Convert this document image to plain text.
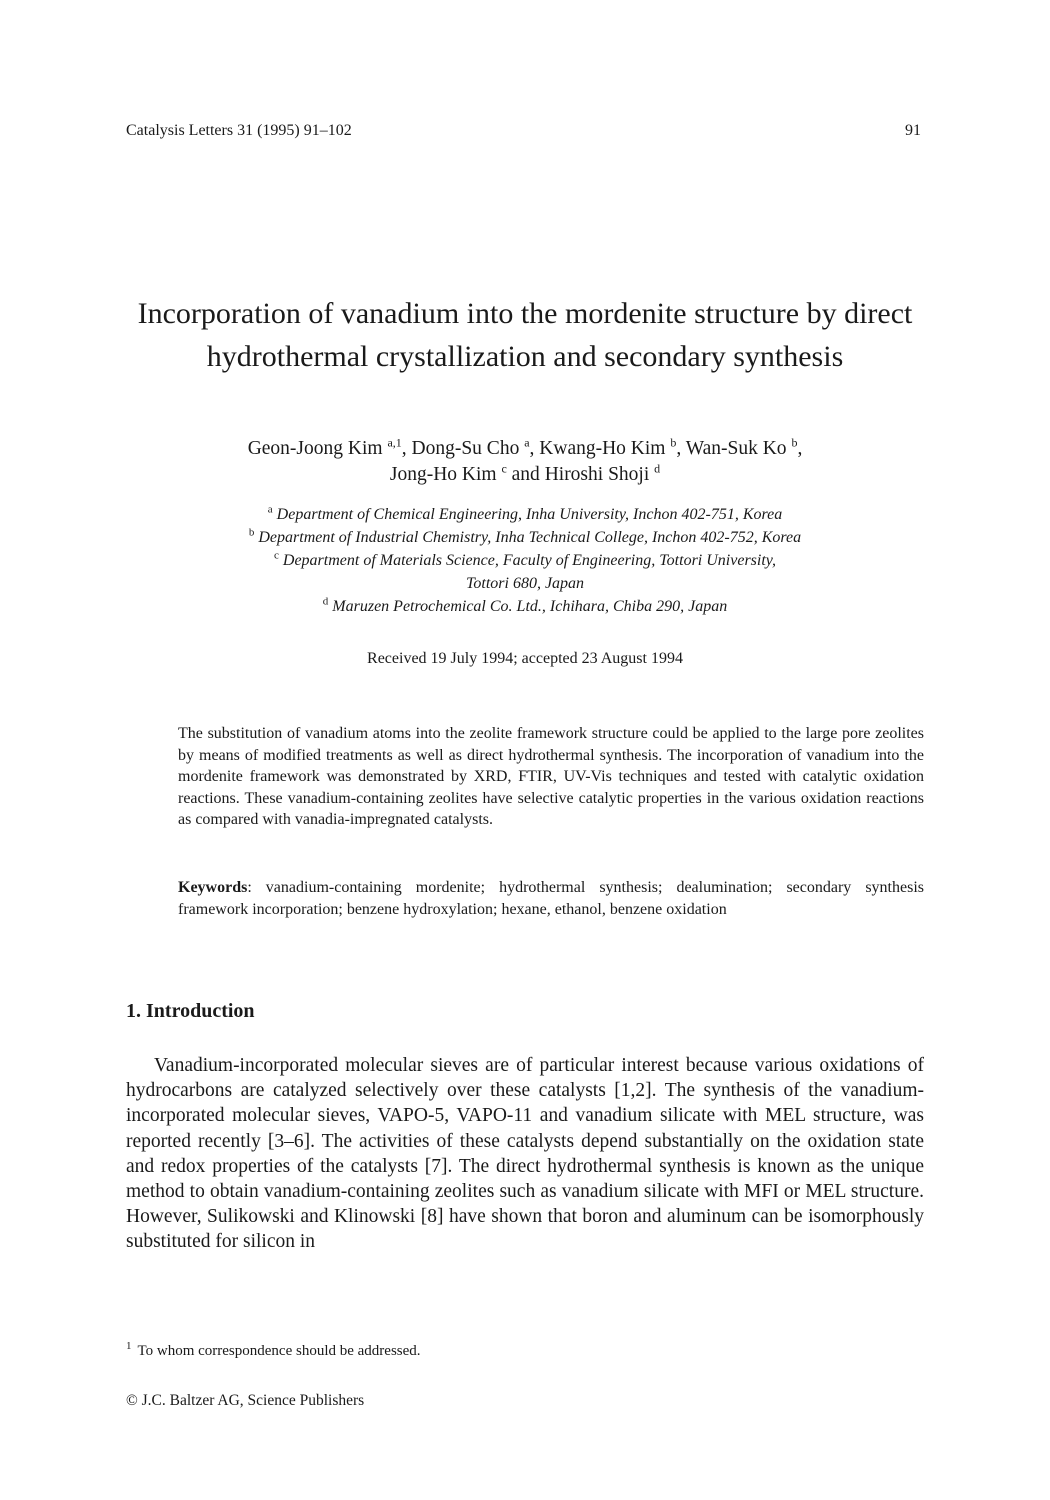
Catalysis Letters 31 (1995) 91–102	91
Incorporation of vanadium into the mordenite structure by direct hydrothermal crystallization and secondary synthesis
Geon-Joong Kim $^{a,1}$, Dong-Su Cho $^a$, Kwang-Ho Kim $^b$, Wan-Suk Ko $^b$,
Jong-Ho Kim $^c$ and Hiroshi Shoji $^d$
$^a$ Department of Chemical Engineering, Inha University, Inchon 402-751, Korea
$^b$ Department of Industrial Chemistry, Inha Technical College, Inchon 402-752, Korea
$^c$ Department of Materials Science, Faculty of Engineering, Tottori University,
Tottori 680, Japan
$^d$ Maruzen Petrochemical Co. Ltd., Ichihara, Chiba 290, Japan
Received 19 July 1994; accepted 23 August 1994
The substitution of vanadium atoms into the zeolite framework structure could be applied to the large pore zeolites by means of modified treatments as well as direct hydrothermal synthesis. The incorporation of vanadium into the mordenite framework was demonstrated by XRD, FTIR, UV-Vis techniques and tested with catalytic oxidation reactions. These vanadium-containing zeolites have selective catalytic properties in the various oxidation reactions as compared with vanadia-impregnated catalysts.
Keywords: vanadium-containing mordenite; hydrothermal synthesis; dealumination; secondary synthesis framework incorporation; benzene hydroxylation; hexane, ethanol, benzene oxidation
1. Introduction
Vanadium-incorporated molecular sieves are of particular interest because various oxidations of hydrocarbons are catalyzed selectively over these catalysts [1,2]. The synthesis of the vanadium-incorporated molecular sieves, VAPO-5, VAPO-11 and vanadium silicate with MEL structure, was reported recently [3–6]. The activities of these catalysts depend substantially on the oxidation state and redox properties of the catalysts [7]. The direct hydrothermal synthesis is known as the unique method to obtain vanadium-containing zeolites such as vanadium silicate with MFI or MEL structure. However, Sulikowski and Klinowski [8] have shown that boron and aluminum can be isomorphously substituted for silicon in
$^1$ To whom correspondence should be addressed.
© J.C. Baltzer AG, Science Publishers
